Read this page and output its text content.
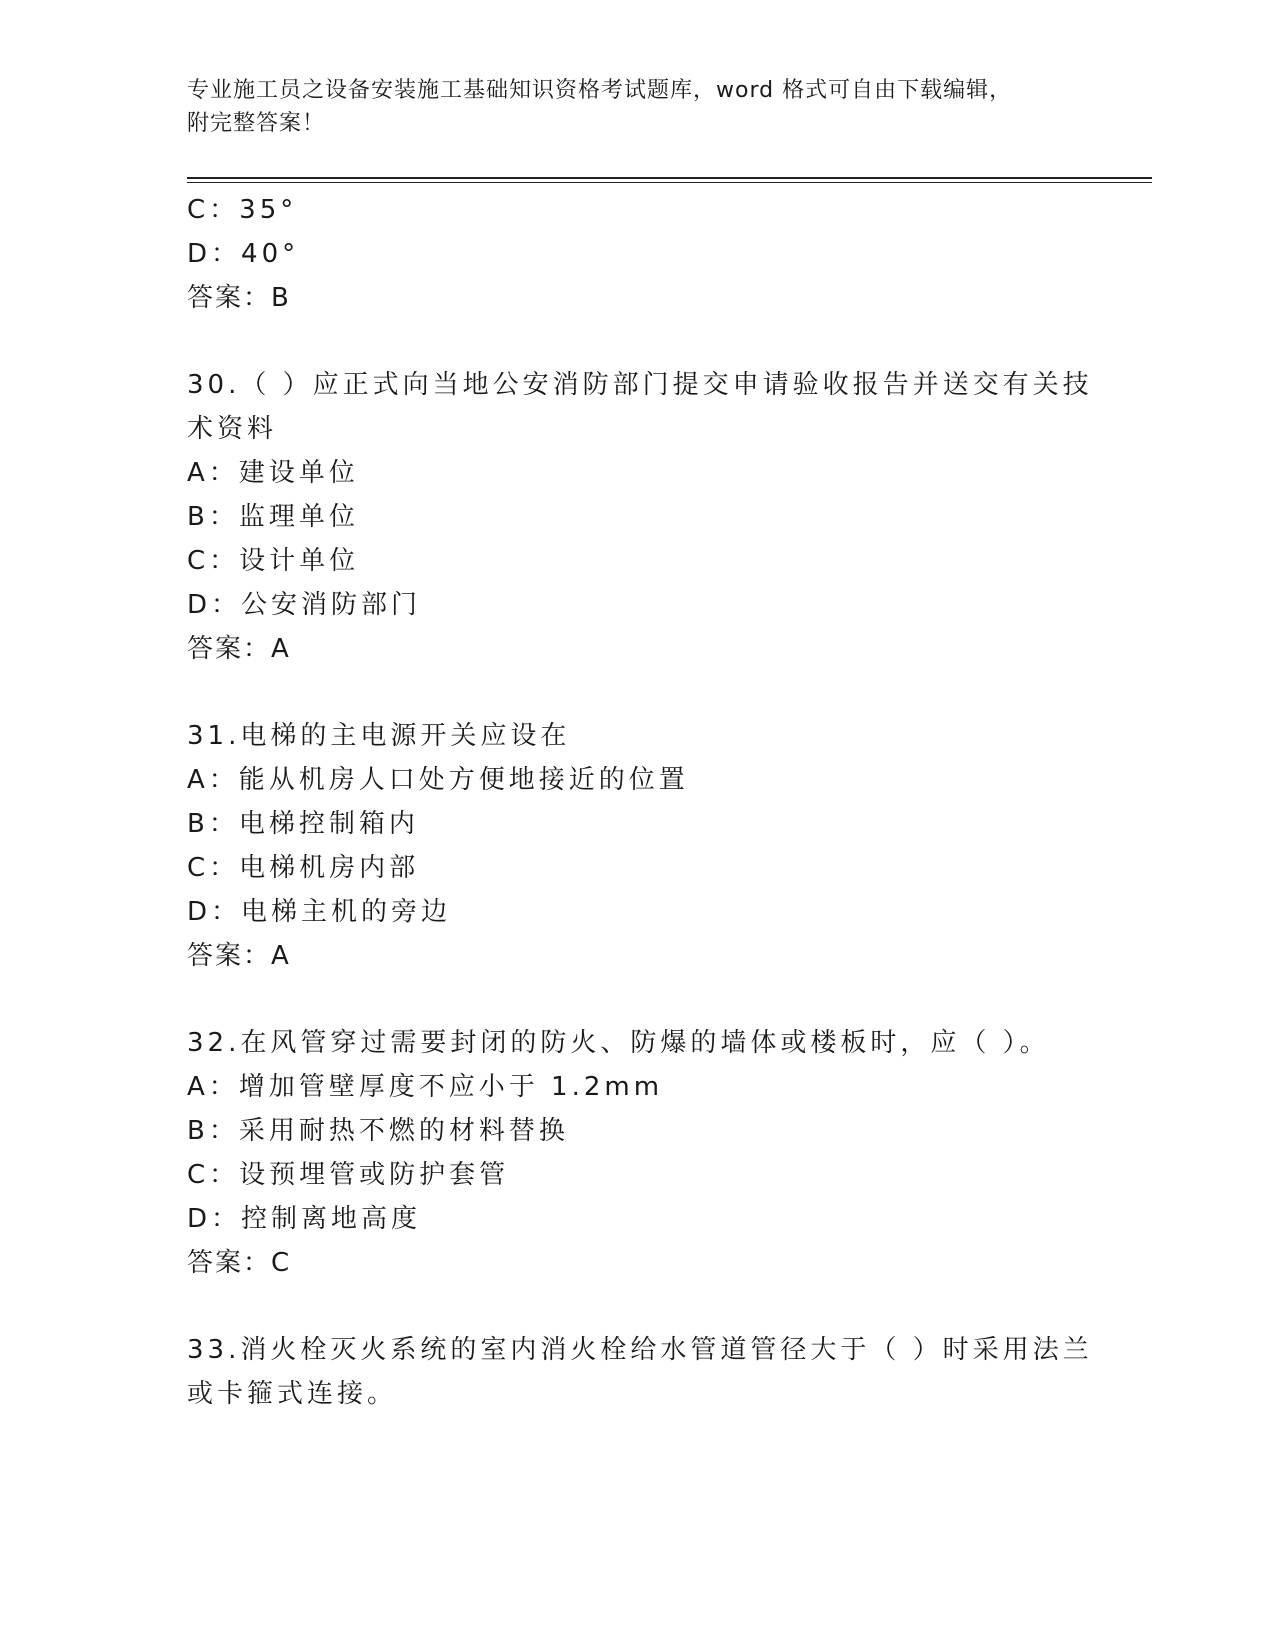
专业施工员之设备安装施工基础知识资格考试题库，word 格式可自由下载编辑，
附完整答案！
C：35°
D：40°
答案：B
30.（ ）应正式向当地公安消防部门提交申请验收报告并送交有关技
术资料
A：建设单位
B：监理单位
C：设计单位
D：公安消防部门
答案：A
31.电梯的主电源开关应设在
A：能从机房人口处方便地接近的位置
B：电梯控制箱内
C：电梯机房内部
D：电梯主机的旁边
答案：A
32.在风管穿过需要封闭的防火、防爆的墙体或楼板时，应（ ）。
A：增加管壁厚度不应小于 1.2mm
B：采用耐热不燃的材料替换
C：设预埋管或防护套管
D：控制离地高度
答案：C
33.消火栓灭火系统的室内消火栓给水管道管径大于（ ）时采用法兰
或卡箍式连接。
